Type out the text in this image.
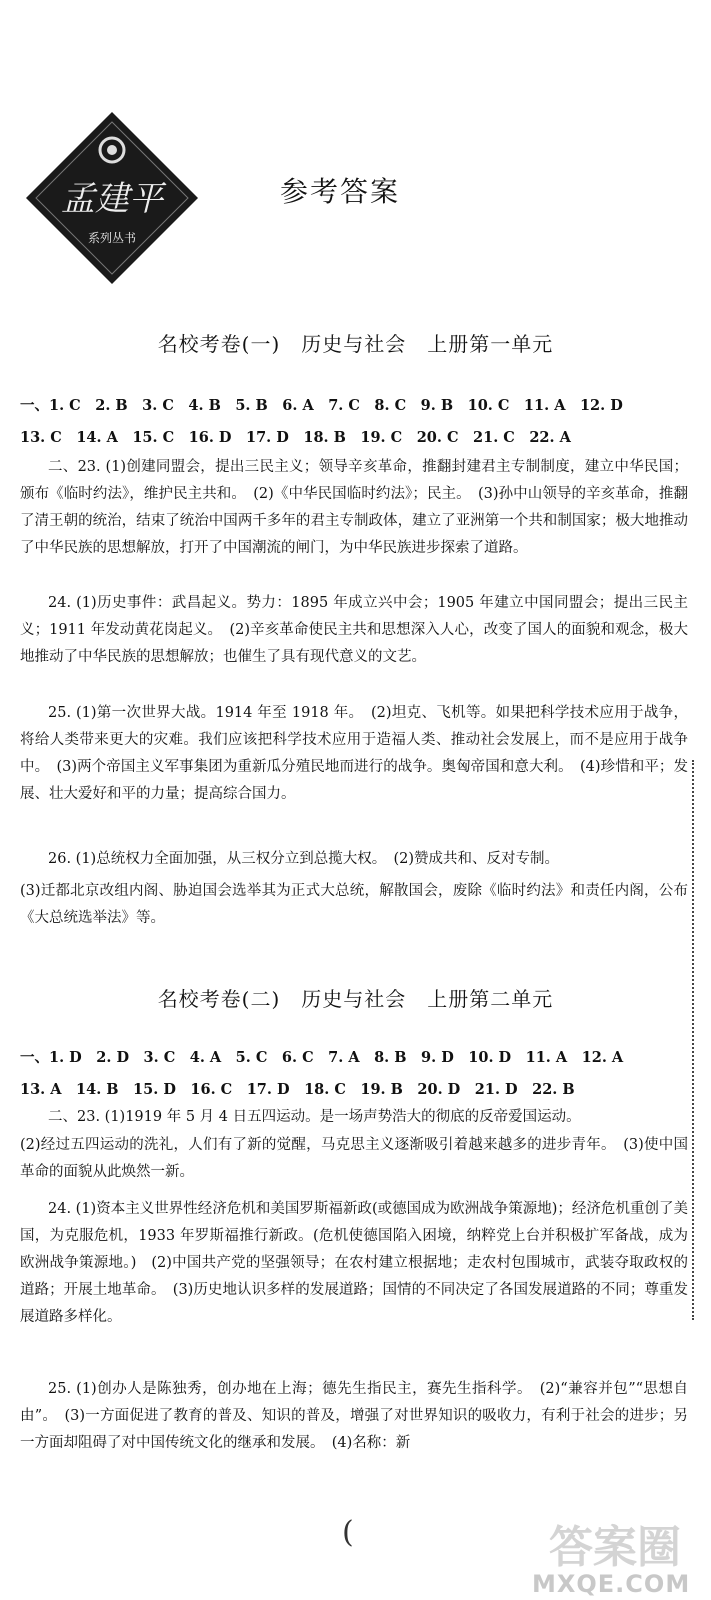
孟建平
系列丛书
参考答案
名校考卷(一)　历史与社会　上册第一单元
一、1. C　2. B　3. C　4. B　5. B　6. A　7. C　8. C　9. B　10. C　11. A　12. D
13. C　14. A　15. C　16. D　17. D　18. B　19. C　20. C　21. C　22. A
二、23. (1)创建同盟会，提出三民主义；领导辛亥革命，推翻封建君主专制制度，建立中华民国；颁布《临时约法》，维护民主共和。　(2)《中华民国临时约法》；民主。　(3)孙中山领导的辛亥革命，推翻了清王朝的统治，结束了统治中国两千多年的君主专制政体，建立了亚洲第一个共和制国家；极大地推动了中华民族的思想解放，打开了中国潮流的闸门，为中华民族进步探索了道路。
24. (1)历史事件：武昌起义。势力：1895 年成立兴中会；1905 年建立中国同盟会；提出三民主义；1911 年发动黄花岗起义。　(2)辛亥革命使民主共和思想深入人心，改变了国人的面貌和观念，极大地推动了中华民族的思想解放；也催生了具有现代意义的文艺。
25. (1)第一次世界大战。1914 年至 1918 年。　(2)坦克、飞机等。如果把科学技术应用于战争，将给人类带来更大的灾难。我们应该把科学技术应用于造福人类、推动社会发展上，而不是应用于战争中。　(3)两个帝国主义军事集团为重新瓜分殖民地而进行的战争。奥匈帝国和意大利。　(4)珍惜和平；发展、壮大爱好和平的力量；提高综合国力。
26. (1)总统权力全面加强，从三权分立到总揽大权。　(2)赞成共和、反对专制。
(3)迁都北京改组内阁、胁迫国会选举其为正式大总统，解散国会，废除《临时约法》和责任内阁，公布《大总统选举法》等。
名校考卷(二)　历史与社会　上册第二单元
一、1. D　2. D　3. C　4. A　5. C　6. C　7. A　8. B　9. D　10. D　11. A　12. A
13. A　14. B　15. D　16. C　17. D　18. C　19. B　20. D　21. D　22. B
二、23. (1)1919 年 5 月 4 日五四运动。是一场声势浩大的彻底的反帝爱国运动。
(2)经过五四运动的洗礼，人们有了新的觉醒，马克思主义逐渐吸引着越来越多的进步青年。　(3)使中国革命的面貌从此焕然一新。
24. (1)资本主义世界性经济危机和美国罗斯福新政(或德国成为欧洲战争策源地)；经济危机重创了美国，为克服危机，1933 年罗斯福推行新政。(危机使德国陷入困境，纳粹党上台并积极扩军备战，成为欧洲战争策源地。)　(2)中国共产党的坚强领导；在农村建立根据地；走农村包围城市，武装夺取政权的道路；开展土地革命。　(3)历史地认识多样的发展道路；国情的不同决定了各国发展道路的不同；尊重发展道路多样化。
25. (1)创办人是陈独秀，创办地在上海；德先生指民主，赛先生指科学。　(2)“兼容并包”“思想自由”。　(3)一方面促进了教育的普及、知识的普及，增强了对世界知识的吸收力，有利于社会的进步；另一方面却阻碍了对中国传统文化的继承和发展。　(4)名称：新
(	答案圈
MXQE.COM
